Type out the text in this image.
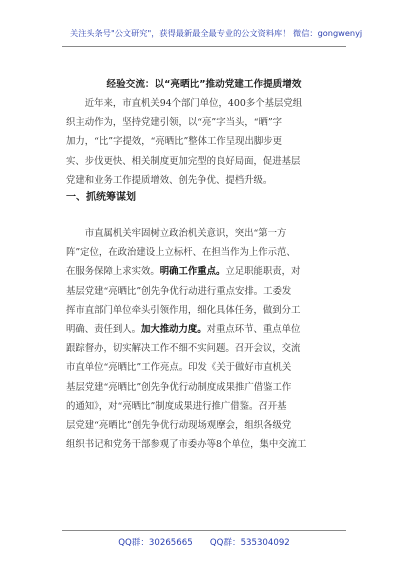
关注头条号"公文研究"，获得最新最全最专业的公文资料库！ 微信：gongwenyj
经验交流：以“亮晒比”推动党建工作提质增效
　　近年来，市直机关94个部门单位，400多个基层党组
织主动作为，坚持党建引领，以“亮”字当头，“晒”字
加力，“比”字提效，“亮晒比”整体工作呈现出脚步更
实、步伐更快、相关制度更加完型的良好局面，促进基层
党建和业务工作提质增效、创先争优、提档升级。
一、抓统筹谋划
　　市直属机关牢固树立政治机关意识，突出“第一方
阵”定位，在政治建设上立标杆、在担当作为上作示范、
在服务保障上求实效。明确工作重点。立足职能职责，对
基层党建“亮晒比”创先争优行动进行重点安排。工委发
挥市直部门单位牵头引领作用，细化具体任务，做到分工
明确、责任到人。加大推动力度。对重点环节、重点单位
跟踪督办，切实解决工作不细不实问题。召开会议，交流
市直单位“亮晒比”工作亮点。印发《关于做好市直机关
基层党建“亮晒比”创先争优行动制度成果推广借鉴工作
的通知》，对“亮晒比”制度成果进行推广借鉴。召开基
层党建“亮晒比”创先争优行动现场观摩会，组织各级党
组织书记和党务干部参观了市委办等8个单位，集中交流工
QQ群：30265665　　QQ群：535304092
